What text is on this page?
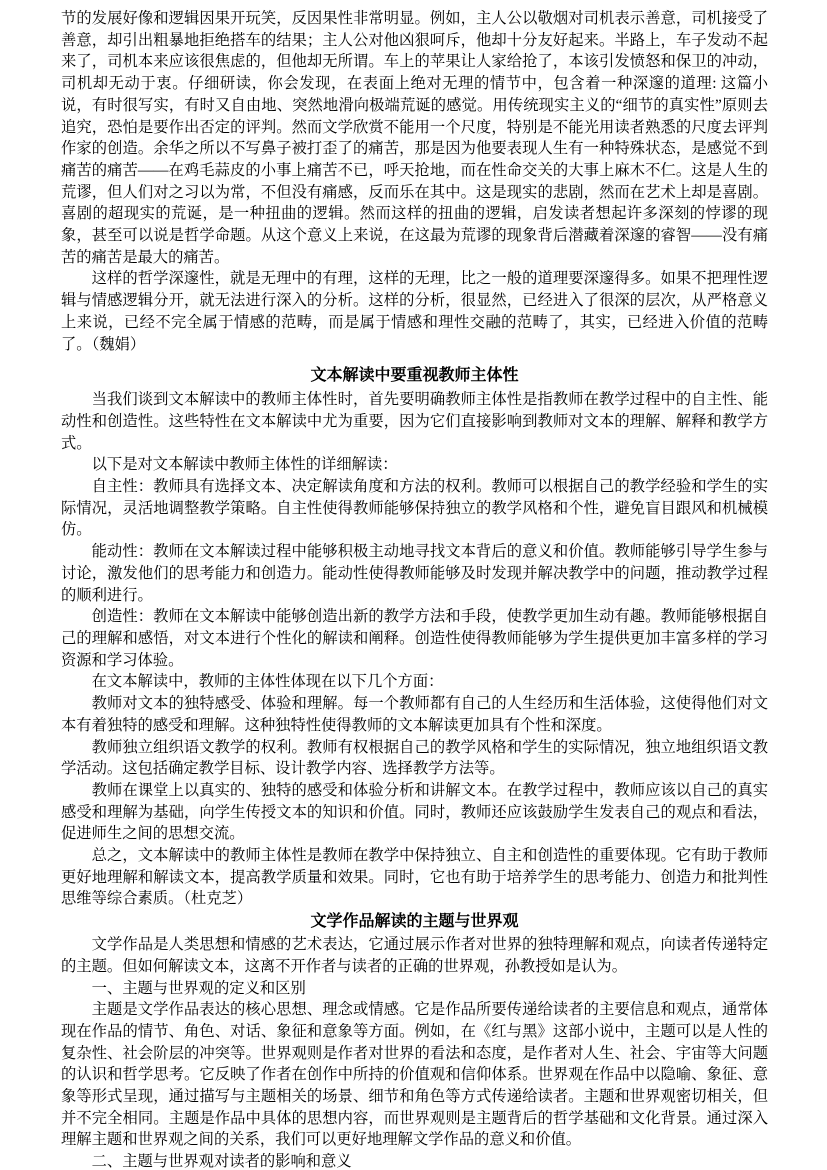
节的发展好像和逻辑因果开玩笑，反因果性非常明显。例如，主人公以敬烟对司机表示善意，司机接受了善意，却引出粗暴地拒绝搭车的结果；主人公对他凶狠呵斥，他却十分友好起来。半路上，车子发动不起来了，司机本来应该很焦虑的，但他却无所谓。车上的苹果让人家给抢了，本该引发愤怒和保卫的冲动，司机却无动于衷。仔细研读，你会发现，在表面上绝对无理的情节中，包含着一种深邃的道理: 这篇小说，有时很写实，有时又自由地、突然地滑向极端荒诞的感觉。用传统现实主义的“细节的真实性”原则去追究，恐怕是要作出否定的评判。然而文学欣赏不能用一个尺度，特别是不能光用读者熟悉的尺度去评判作家的创造。余华之所以不写鼻子被打歪了的痛苦，那是因为他要表现人生有一种特殊状态，是感觉不到痛苦的痛苦——在鸡毛蒜皮的小事上痛苦不已，呼天抢地，而在性命交关的大事上麻木不仁。这是人生的荒谬，但人们对之习以为常，不但没有痛感，反而乐在其中。这是现实的悲剧，然而在艺术上却是喜剧。喜剧的超现实的荒诞，是一种扭曲的逻辑。然而这样的扭曲的逻辑，启发读者想起许多深刻的悖谬的现象，甚至可以说是哲学命题。从这个意义上来说，在这最为荒谬的现象背后潜藏着深邃的睿智——没有痛苦的痛苦是最大的痛苦。

这样的哲学深邃性，就是无理中的有理，这样的无理，比之一般的道理要深邃得多。如果不把理性逻辑与情感逻辑分开，就无法进行深入的分析。这样的分析，很显然，已经进入了很深的层次，从严格意义上来说，已经不完全属于情感的范畴，而是属于情感和理性交融的范畴了，其实，已经进入价值的范畴了。（魏娟）

文本解读中要重视教师主体性

当我们谈到文本解读中的教师主体性时，首先要明确教师主体性是指教师在教学过程中的自主性、能动性和创造性。这些特性在文本解读中尤为重要，因为它们直接影响到教师对文本的理解、解释和教学方式。

以下是对文本解读中教师主体性的详细解读：

自主性：教师具有选择文本、决定解读角度和方法的权利。教师可以根据自己的教学经验和学生的实际情况，灵活地调整教学策略。自主性使得教师能够保持独立的教学风格和个性，避免盲目跟风和机械模仿。

能动性：教师在文本解读过程中能够积极主动地寻找文本背后的意义和价值。教师能够引导学生参与讨论，激发他们的思考能力和创造力。能动性使得教师能够及时发现并解决教学中的问题，推动教学过程的顺利进行。

创造性：教师在文本解读中能够创造出新的教学方法和手段，使教学更加生动有趣。教师能够根据自己的理解和感悟，对文本进行个性化的解读和阐释。创造性使得教师能够为学生提供更加丰富多样的学习资源和学习体验。

在文本解读中，教师的主体性体现在以下几个方面：

教师对文本的独特感受、体验和理解。每一个教师都有自己的人生经历和生活体验，这使得他们对文本有着独特的感受和理解。这种独特性使得教师的文本解读更加具有个性和深度。

教师独立组织语文教学的权利。教师有权根据自己的教学风格和学生的实际情况，独立地组织语文教学活动。这包括确定教学目标、设计教学内容、选择教学方法等。

教师在课堂上以真实的、独特的感受和体验分析和讲解文本。在教学过程中，教师应该以自己的真实感受和理解为基础，向学生传授文本的知识和价值。同时，教师还应该鼓励学生发表自己的观点和看法，促进师生之间的思想交流。

总之，文本解读中的教师主体性是教师在教学中保持独立、自主和创造性的重要体现。它有助于教师更好地理解和解读文本，提高教学质量和效果。同时，它也有助于培养学生的思考能力、创造力和批判性思维等综合素质。（杜克芝）

文学作品解读的主题与世界观

文学作品是人类思想和情感的艺术表达，它通过展示作者对世界的独特理解和观点，向读者传递特定的主题。但如何解读文本，这离不开作者与读者的正确的世界观，孙教授如是认为。

一、主题与世界观的定义和区别

主题是文学作品表达的核心思想、理念或情感。它是作品所要传递给读者的主要信息和观点，通常体现在作品的情节、角色、对话、象征和意象等方面。例如，在《红与黑》这部小说中，主题可以是人性的复杂性、社会阶层的冲突等。世界观则是作者对世界的看法和态度，是作者对人生、社会、宇宙等大问题的认识和哲学思考。它反映了作者在创作中所持的价值观和信仰体系。世界观在作品中以隐喻、象征、意象等形式呈现，通过描写与主题相关的场景、细节和角色等方式传递给读者。主题和世界观密切相关，但并不完全相同。主题是作品中具体的思想内容，而世界观则是主题背后的哲学基础和文化背景。通过深入理解主题和世界观之间的关系，我们可以更好地理解文学作品的意义和价值。

二、主题与世界观对读者的影响和意义
